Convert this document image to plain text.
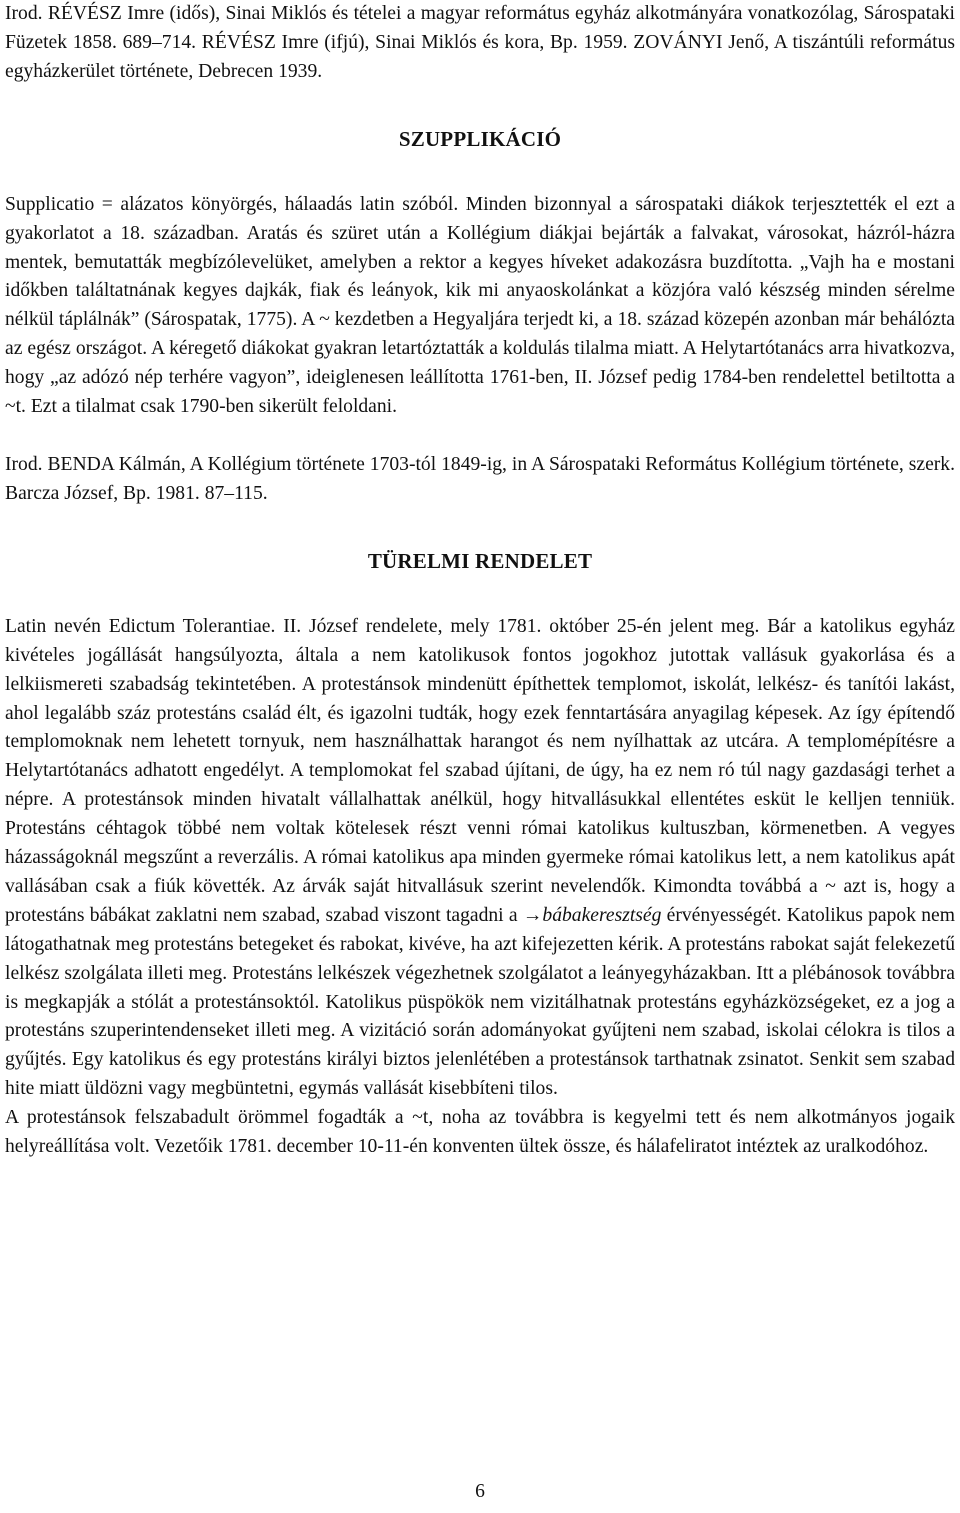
Irod. RÉVÉSZ Imre (idős), Sinai Miklós és tételei a magyar református egyház alkotmányára vonatkozólag, Sárospataki Füzetek 1858. 689–714. RÉVÉSZ Imre (ifjú), Sinai Miklós és kora, Bp. 1959. ZOVÁNYI Jenő, A tiszántúli református egyházkerület története, Debrecen 1939.

SZUPPLIKÁCIÓ

Supplicatio = alázatos könyörgés, hálaadás latin szóból. Minden bizonnyal a sárospataki diákok terjesztették el ezt a gyakorlatot a 18. században. Aratás és szüret után a Kollégium diákjai bejárták a falvakat, városokat, házról-házra mentek, bemutatták megbízólevelüket, amelyben a rektor a kegyes híveket adakozásra buzdította. „Vajh ha e mostani időkben találtatnának kegyes dajkák, fiak és leányok, kik mi anyaoskolánkat a közjóra való készség minden sérelme nélkül táplálnák” (Sárospatak, 1775). A ~ kezdetben a Hegyaljára terjedt ki, a 18. század közepén azonban már behálózta az egész országot. A kéregető diákokat gyakran letartóztatták a koldulás tilalma miatt. A Helytartótanács arra hivatkozva, hogy „az adózó nép terhére vagyon”, ideiglenesen leállította 1761-ben, II. József pedig 1784-ben rendelettel betiltotta a ~t. Ezt a tilalmat csak 1790-ben sikerült feloldani.

Irod. BENDA Kálmán, A Kollégium története 1703-tól 1849-ig, in A Sárospataki Református Kollégium története, szerk. Barcza József, Bp. 1981. 87–115.

TÜRELMI RENDELET

Latin nevén Edictum Tolerantiae. II. József rendelete, mely 1781. október 25-én jelent meg. Bár a katolikus egyház kivételes jogállását hangsúlyozta, általa a nem katolikusok fontos jogokhoz jutottak vallásuk gyakorlása és a lelkiismereti szabadság tekintetében. A protestánsok mindenütt építhettek templomot, iskolát, lelkész- és tanítói lakást, ahol legalább száz protestáns család élt, és igazolni tudták, hogy ezek fenntartására anyagilag képesek. Az így építendő templomoknak nem lehetett tornyuk, nem használhattak harangot és nem nyílhattak az utcára. A templomépítésre a Helytartótanács adhatott engedélyt. A templomokat fel szabad újítani, de úgy, ha ez nem ró túl nagy gazdasági terhet a népre. A protestánsok minden hivatalt vállalhattak anélkül, hogy hitvallásukkal ellentétes esküt le kelljen tenniük. Protestáns céhtagok többé nem voltak kötelesek részt venni római katolikus kultuszban, körmenetben. A vegyes házasságoknál megszűnt a reverzális. A római katolikus apa minden gyermeke római katolikus lett, a nem katolikus apát vallásában csak a fiúk követték. Az árvák saját hitvallásuk szerint nevelendők. Kimondta továbbá a ~ azt is, hogy a protestáns bábákat zaklatni nem szabad, szabad viszont tagadni a →bábakeresztség érvényességét. Katolikus papok nem látogathatnak meg protestáns betegeket és rabokat, kivéve, ha azt kifejezetten kérik. A protestáns rabokat saját felekezetű lelkész szolgálata illeti meg. Protestáns lelkészek végezhetnek szolgálatot a leányegyházakban. Itt a plébánosok továbbra is megkapják a stólát a protestánsoktól. Katolikus püspökök nem vizitálhatnak protestáns egyházközségeket, ez a jog a protestáns szuperintendenseket illeti meg. A vizitáció során adományokat gyűjteni nem szabad, iskolai célokra is tilos a gyűjtés. Egy katolikus és egy protestáns királyi biztos jelenlétében a protestánsok tarthatnak zsinatot. Senkit sem szabad hite miatt üldözni vagy megbüntetni, egymás vallását kisebbíteni tilos.

A protestánsok felszabadult örömmel fogadták a ~t, noha az továbbra is kegyelmi tett és nem alkotmányos jogaik helyreállítása volt. Vezetőik 1781. december 10-11-én konventen ültek össze, és hálafeliratot intéztek az uralkodóhoz.

6
